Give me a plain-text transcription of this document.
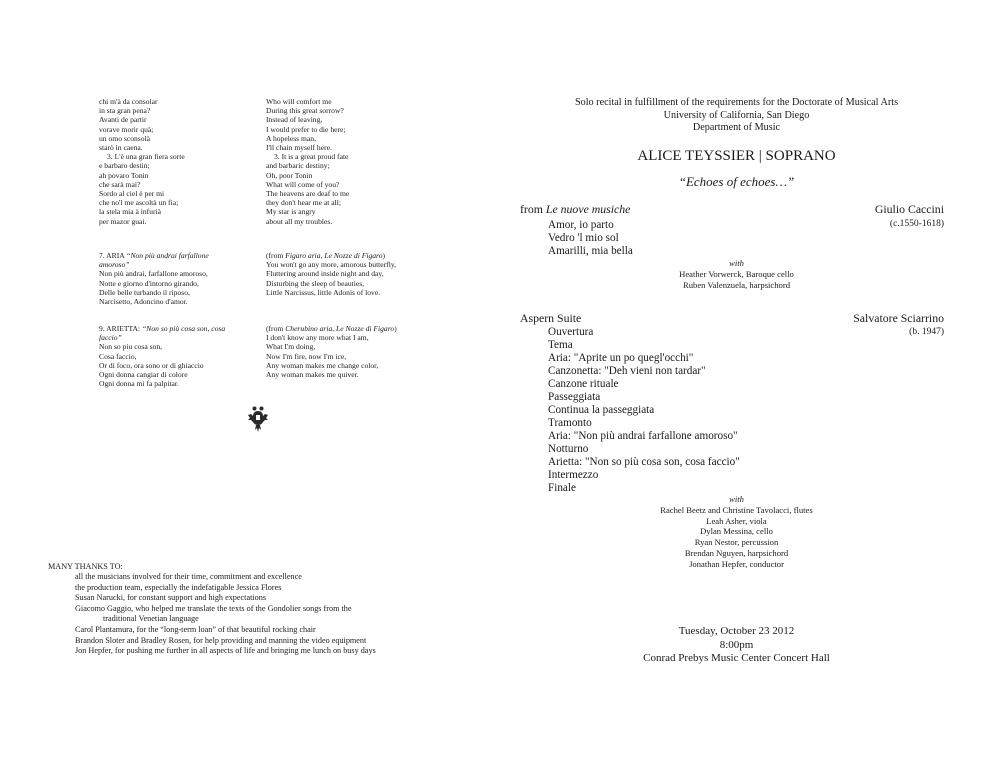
chi m'à da consolar
in sta gran pena?
Avanti de partir
vorave morir quà;
un omo sconsolà
starò in caena.
3. L'è una gran fiera sorte
e barbaro destin;
ah povaro Tonin
che sarà mai?
Sordo al ciel è per mi
che no'l me ascoltà un fia;
la stela mia à infurià
per mazor guai.
Who will comfort me
During this great sorrow?
Instead of leaving,
I would prefer to die here;
A hopeless man,
I'll chain myself here.
3. It is a great proud fate
and barbaric destiny;
Oh, poor Tonin
What will come of you?
The heavens are deaf to me
they don't hear me at all;
My star is angry
about all my troubles.
7. ARIA “Non più andrai farfallone
amoroso”
Non più andrai, farfallone amoroso,
Notte e giorno d'intorno girando,
Delle belle turbando il riposo,
Narcisetto, Adoncino d'amor.
(from Figaro aria, Le Nozze di Figaro)
You won't go any more, amorous butterfly,
Fluttering around inside night and day,
Disturbing the sleep of beauties,
Little Narcissus, little Adonis of love.
9. ARIETTA: “Non so più cosa son, cosa
faccio”
Non so piu cosa son,
Cosa faccio,
Or di foco, ora sono or di ghiaccio
Ogni donna cangiar di colore
Ogni donna mi fa palpitar.
(from Cherubino aria, Le Nozze di Figaro)
I don't know any more what I am,
What I'm doing,
Now I'm fire, now I'm ice,
Any woman makes me change color,
Any woman makes me quiver.
MANY THANKS TO:
all the musicians involved for their time, commitment and excellence
the production team, especially the indefatigable Jessica Flores
Susan Narucki, for constant support and high expectations
Giacomo Gaggio, who helped me translate the texts of the Gondolier songs from the
traditional Venetian language
Carol Plantamura, for the “long-term loan” of that beautiful rocking chair
Brandon Sloter and Bradley Rosen, for help providing and manning the video equipment
Jon Hepfer, for pushing me further in all aspects of life and bringing me lunch on busy days
Solo recital in fulfillment of the requirements for the Doctorate of Musical Arts
University of California, San Diego
Department of Music
ALICE TEYSSIER | SOPRANO
“Echoes of echoes…”
from Le nuove musiche	Giulio Caccini
(c.1550-1618)
Amor, io parto
Vedro 'l mio sol
Amarilli, mia bella
with
Heather Vorwerck, Baroque cello
Ruben Valenzuela, harpsichord
Aspern Suite	Salvatore Sciarrino
(b. 1947)
Ouvertura
Tema
Aria: "Aprite un po quegl'occhi"
Canzonetta: "Deh vieni non tardar"
Canzone rituale
Passeggiata
Continua la passeggiata
Tramonto
Aria: "Non più andrai farfallone amoroso"
Notturno
Arietta: "Non so più cosa son, cosa faccio"
Intermezzo
Finale
with
Rachel Beetz and Christine Tavolacci, flutes
Leah Asher, viola
Dylan Messina, cello
Ryan Nestor, percussion
Brendan Nguyen, harpsichord
Jonathan Hepfer, conductor
Tuesday, October 23 2012
8:00pm
Conrad Prebys Music Center Concert Hall
